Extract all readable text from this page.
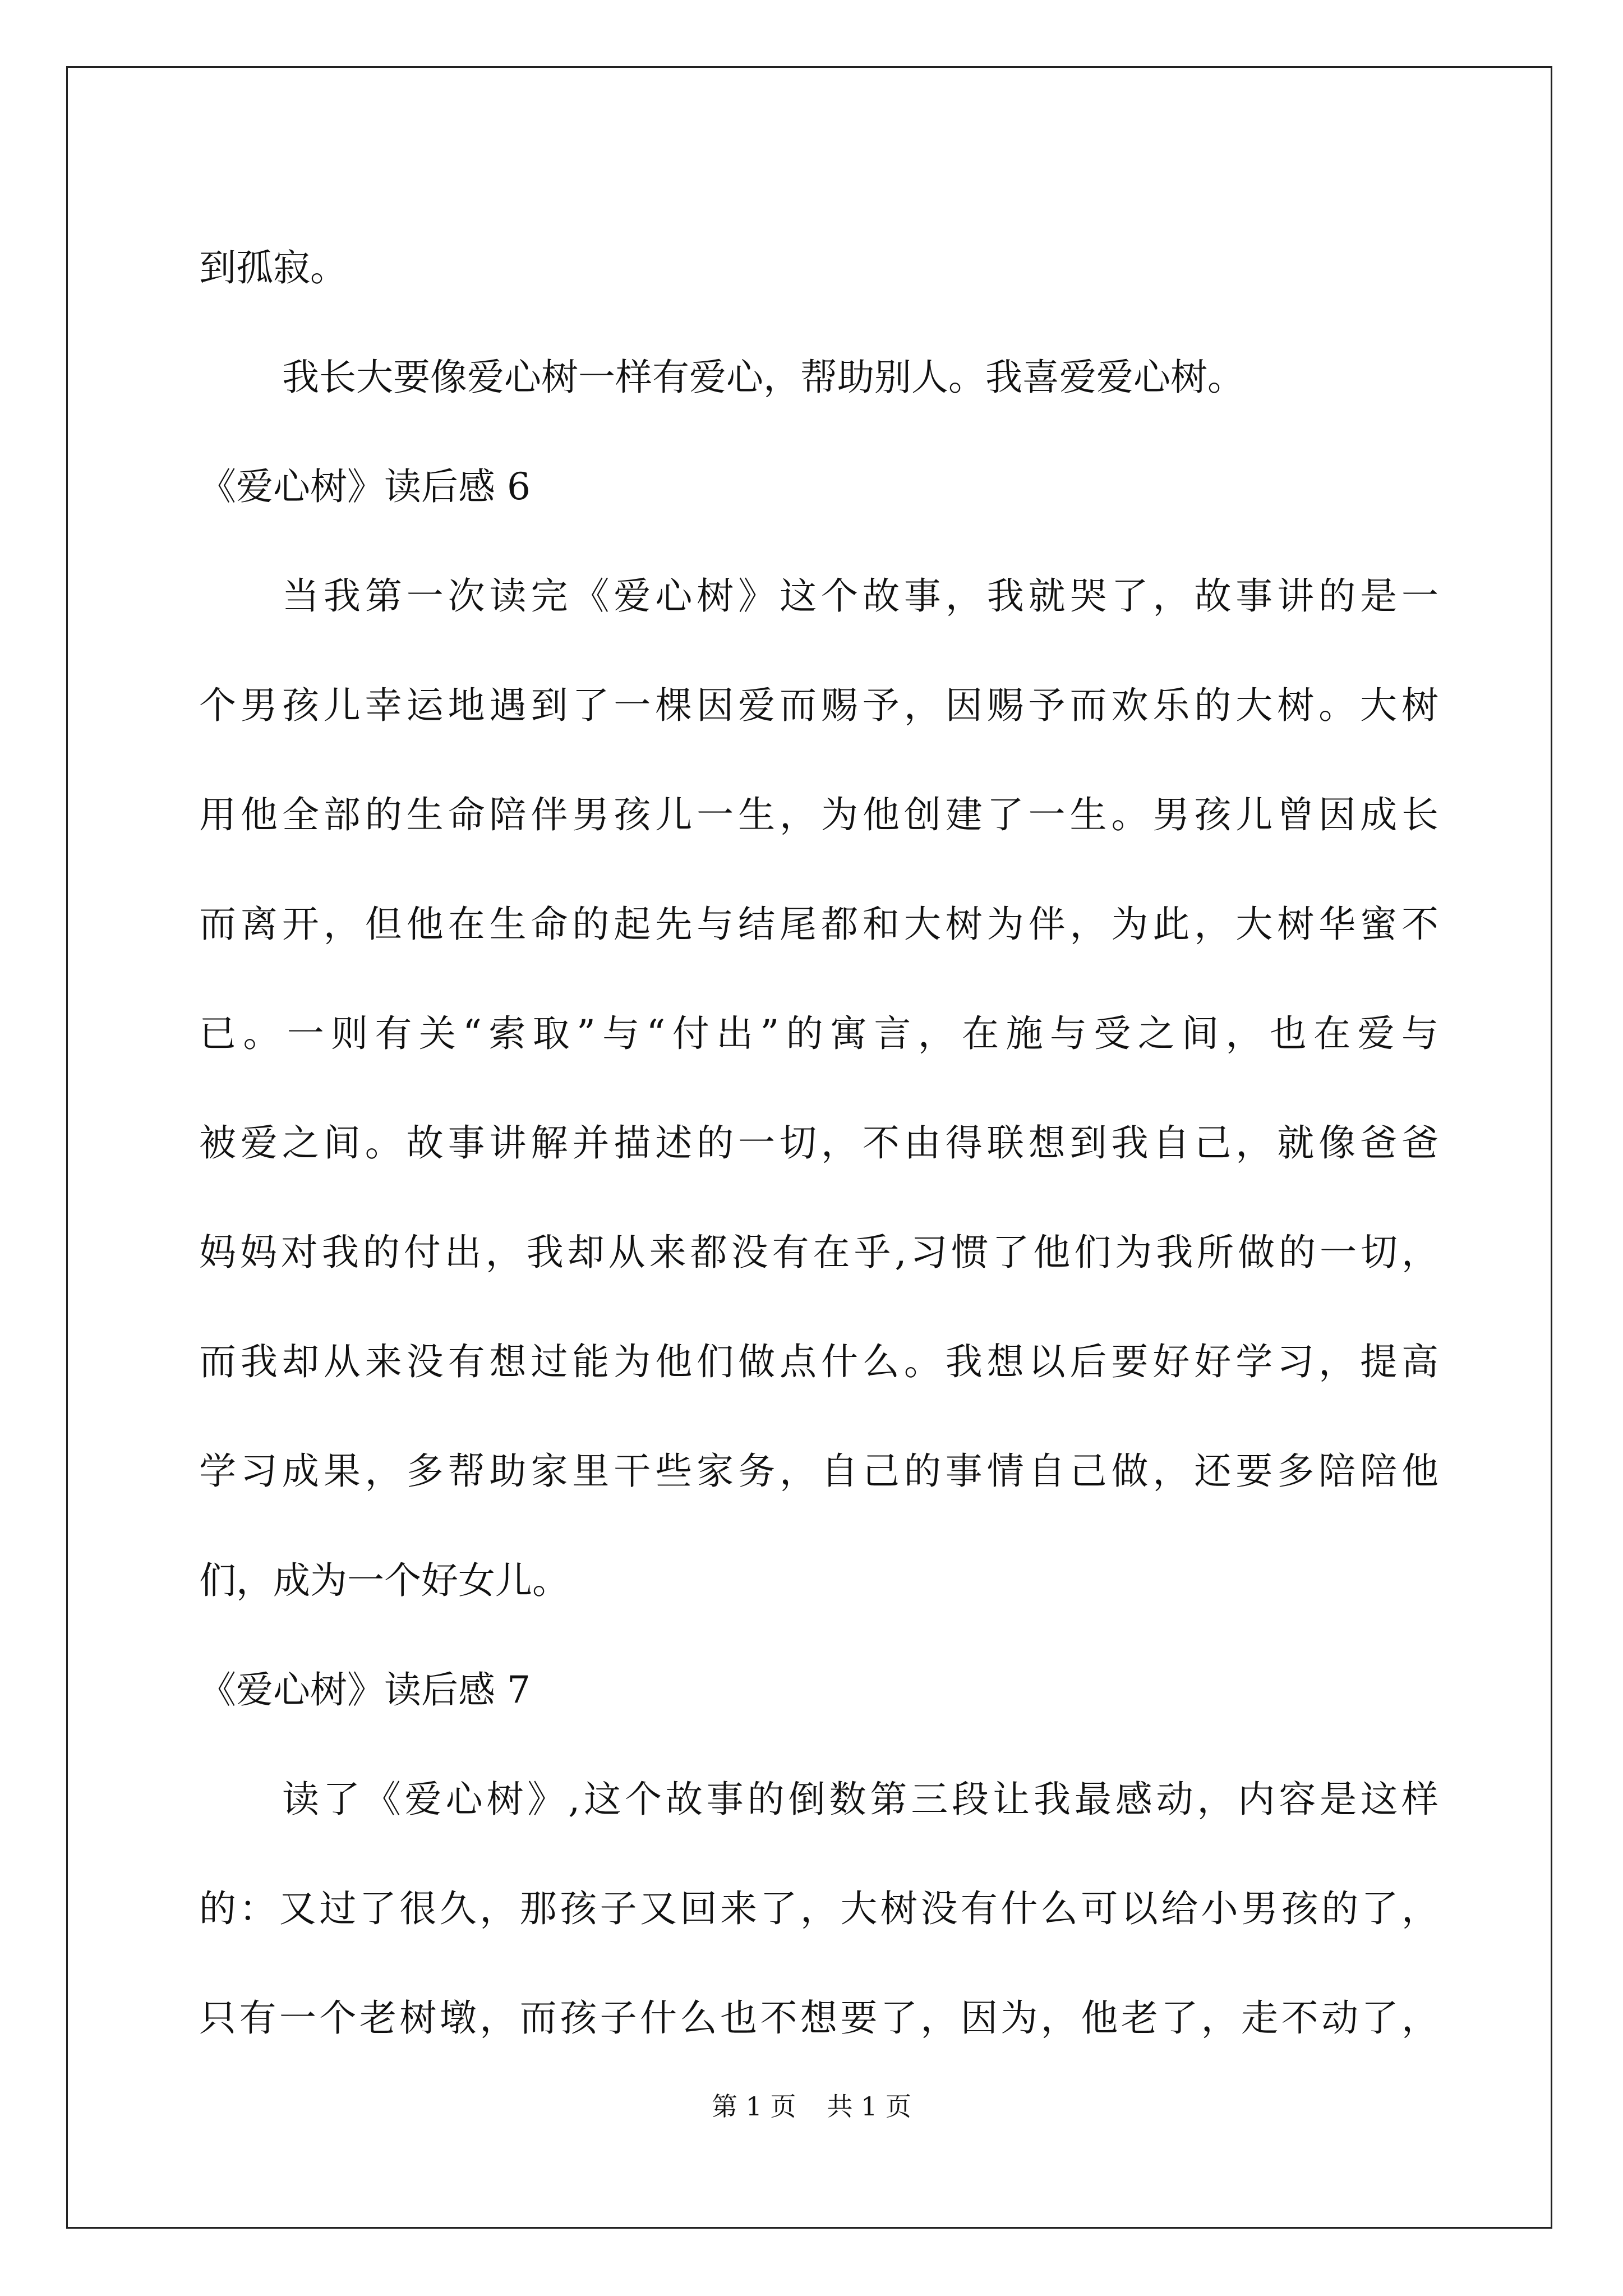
到孤寂。
我长大要像爱心树一样有爱心，帮助别人。我喜爱爱心树。
《爱心树》读后感 6
当我第一次读完《爱心树》这个故事，我就哭了，故事讲的是一
个男孩儿幸运地遇到了一棵因爱而赐予，因赐予而欢乐的大树。大树
用他全部的生命陪伴男孩儿一生，为他创建了一生。男孩儿曾因成长
而离开，但他在生命的起先与结尾都和大树为伴，为此，大树华蜜不
已。一则有关“索取”与“付出”的寓言，在施与受之间，也在爱与
被爱之间。故事讲解并描述的一切，不由得联想到我自己，就像爸爸
妈妈对我的付出，我却从来都没有在乎,习惯了他们为我所做的一切，
而我却从来没有想过能为他们做点什么。我想以后要好好学习，提高
学习成果，多帮助家里干些家务，自己的事情自己做，还要多陪陪他
们，成为一个好女儿。
《爱心树》读后感 7
读了《爱心树》,这个故事的倒数第三段让我最感动，内容是这样
的：又过了很久，那孩子又回来了，大树没有什么可以给小男孩的了，
只有一个老树墩，而孩子什么也不想要了，因为，他老了，走不动了，
第 1 页 共 1 页
